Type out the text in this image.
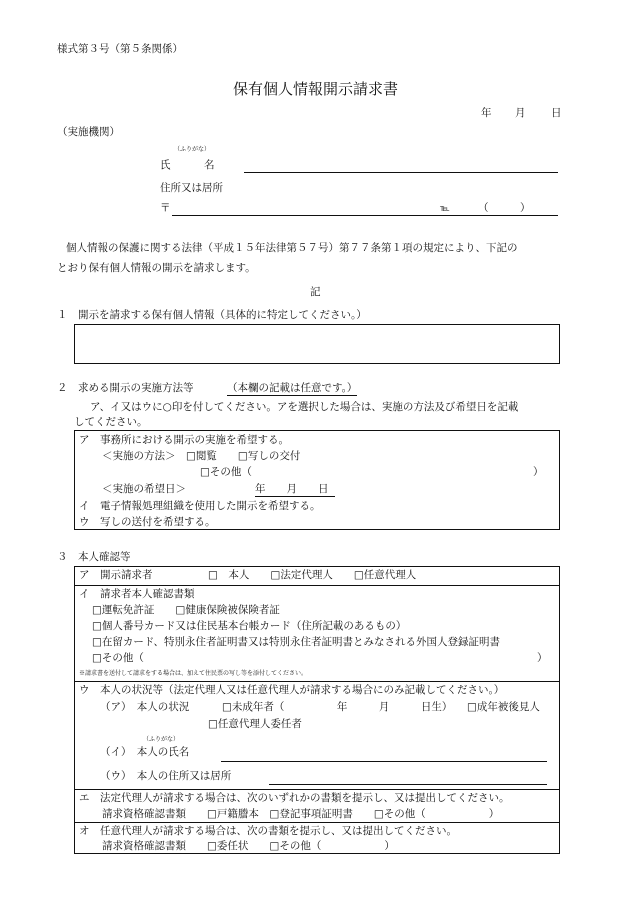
様式第３号（第５条関係）
保有個人情報開示請求書
年 月 日
（実施機関）
（ふりがな）
氏	名
住所又は居所
〒	℡	（　　　）
個人情報の保護に関する法律（平成１５年法律第５７号）第７７条第１項の規定により、下記の
とおり保有個人情報の開示を請求します。
記
１　開示を請求する保有個人情報（具体的に特定してください。）
２　求める開示の実施方法等	（本欄の記載は任意です。）
ア、イ又はウに○印を付してください。アを選択した場合は、実施の方法及び希望日を記載
してください。
ア　事務所における開示の実施を希望する。
＜実施の方法＞　□閲覧　　□写しの交付
□その他（	）
＜実施の希望日＞	年　　月　　日
イ　電子情報処理組織を使用した開示を希望する。
ウ　写しの送付を希望する。
３　本人確認等
ア　開示請求者	□　本人　　□法定代理人　　□任意代理人
イ　請求者本人確認書類
□運転免許証　　□健康保険被保険者証
□個人番号カード又は住民基本台帳カード（住所記載のあるもの）
□在留カード、特別永住者証明書又は特別永住者証明書とみなされる外国人登録証明書
□その他（	）
※請求書を送付して請求をする場合は、加えて住民票の写し等を添付してください。
ウ　本人の状況等（法定代理人又は任意代理人が請求する場合にのみ記載してください。）
（ア）　本人の状況	□未成年者（　　　　　年　　　月　　　日生） □成年被後見人
□任意代理人委任者
（ふりがな）
（イ）　本人の氏名
（ウ）　本人の住所又は居所
エ　法定代理人が請求する場合は、次のいずれかの書類を提示し、又は提出してください。
請求資格確認書類　　□戸籍謄本　□登記事項証明書　　□その他（　　　　　　）
オ　任意代理人が請求する場合は、次の書類を提示し、又は提出してください。
請求資格確認書類　　□委任状　　□その他（　　　　　　）
